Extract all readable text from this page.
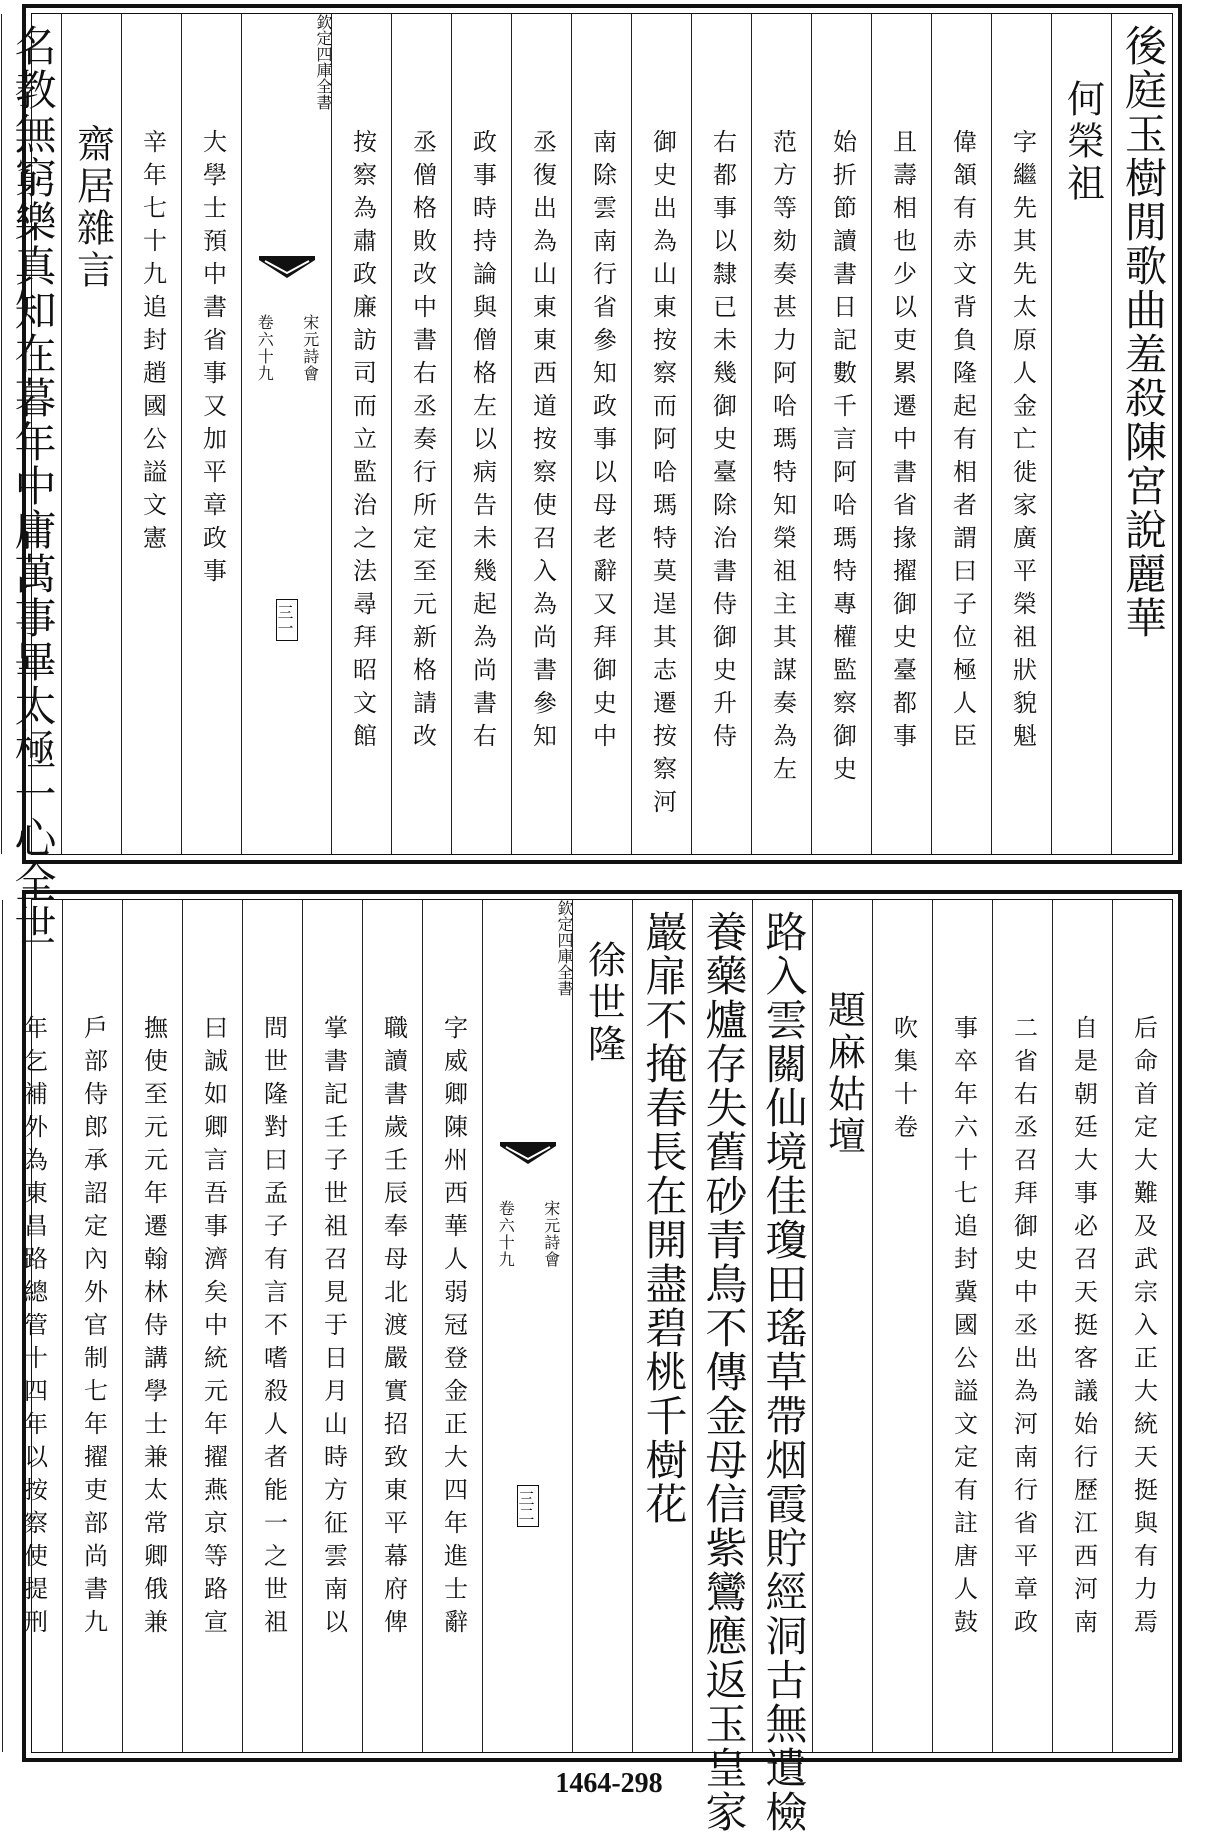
後庭玉樹閒歌曲羞殺陳宮說麗華
何榮祖
字繼先其先太原人金亡徙家廣平榮祖狀貌魁
偉頷有赤文背負隆起有相者謂曰子位極人臣
且壽相也少以吏累遷中書省掾擢御史臺都事
始折節讀書日記數千言阿哈瑪特專權監察御史
范方等劾奏甚力阿哈瑪特知榮祖主其謀奏為左
右都事以隸已未幾御史臺除治書侍御史升侍
御史出為山東按察而阿哈瑪特莫逞其志遷按察河
南除雲南行省參知政事以母老辭又拜御史中
丞復出為山東東西道按察使召入為尚書參知
政事時持論與僧格左以病告未幾起為尚書右
丞僧格敗改中書右丞奏行所定至元新格請改
按察為肅政廉訪司而立監治之法尋拜昭文館
欽定四庫全書
宋元詩會
卷六十九
三一
大學士預中書省事又加平章政事
辛年七十九追封趙國公謚文憲
齋居雜言
名教無窮樂真知在暮年中庸萬事畢太極一心全世
后命首定大難及武宗入正大統天挺與有力焉
自是朝廷大事必召天挺客議始行歷江西河南
二省右丞召拜御史中丞出為河南行省平章政
事卒年六十七追封冀國公謚文定有註唐人鼓
吹集十卷
題麻姑壇
路入雲關仙境佳瓊田瑤草帶烟霞貯經洞古無遺檢
養藥爐存失舊砂青鳥不傳金母信紫鸞應返玉皇家
巖扉不掩春長在開盡碧桃千樹花
徐世隆
欽定四庫全書
宋元詩會
卷六十九
三二
字威卿陳州西華人弱冠登金正大四年進士辭
職讀書歲壬辰奉母北渡嚴實招致東平幕府俾
掌書記壬子世祖召見于日月山時方征雲南以
問世隆對曰孟子有言不嗜殺人者能一之世祖
曰誠如卿言吾事濟矣中統元年擢燕京等路宣
撫使至元元年遷翰林侍講學士兼太常卿俄兼
戶部侍郎承詔定內外官制七年擢吏部尚書九
年乞補外為東昌路總管十四年以按察使提刑
1464-298
